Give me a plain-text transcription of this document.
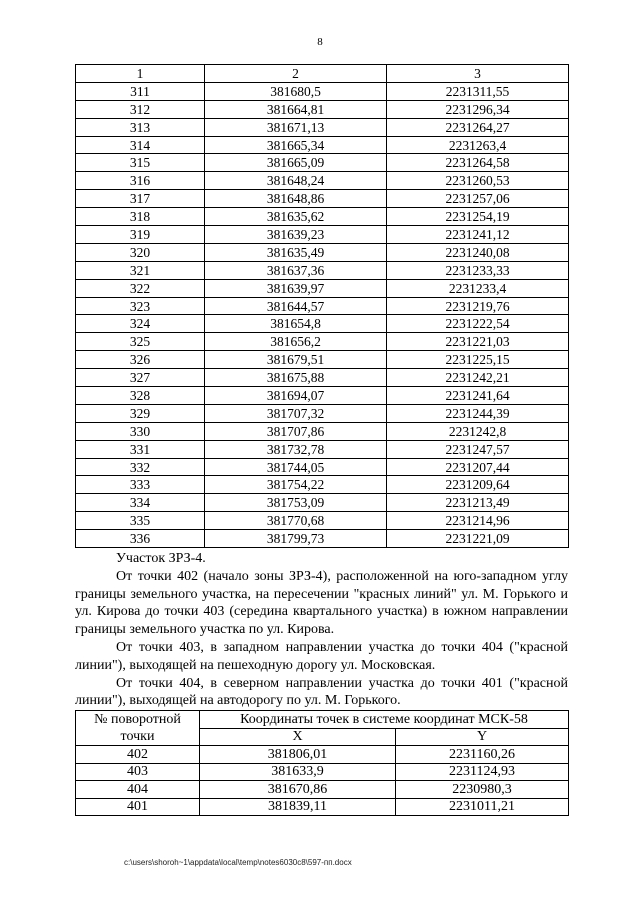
8
1	2	3
311	381680,5	2231311,55
312	381664,81	2231296,34
313	381671,13	2231264,27
314	381665,34	2231263,4
315	381665,09	2231264,58
316	381648,24	2231260,53
317	381648,86	2231257,06
318	381635,62	2231254,19
319	381639,23	2231241,12
320	381635,49	2231240,08
321	381637,36	2231233,33
322	381639,97	2231233,4
323	381644,57	2231219,76
324	381654,8	2231222,54
325	381656,2	2231221,03
326	381679,51	2231225,15
327	381675,88	2231242,21
328	381694,07	2231241,64
329	381707,32	2231244,39
330	381707,86	2231242,8
331	381732,78	2231247,57
332	381744,05	2231207,44
333	381754,22	2231209,64
334	381753,09	2231213,49
335	381770,68	2231214,96
336	381799,73	2231221,09

Участок ЗРЗ-4.

От точки 402 (начало зоны ЗРЗ-4), расположенной на юго-западном углу границы земельного участка, на пересечении "красных линий" ул. М. Горького и ул. Кирова до точки 403 (середина квартального участка) в южном направлении границы земельного участка по ул. Кирова.

От точки 403, в западном направлении участка до точки 404 ("красной линии"), выходящей на пешеходную дорогу ул. Московская.

От точки 404, в северном направлении участка до точки 401 ("красной линии"), выходящей на автодорогу по ул. М. Горького.

№ поворотной точки	Координаты точек в системе координат МСК-58	
	X	Y
402	381806,01	2231160,26
403	381633,9	2231124,93
404	381670,86	2230980,3
401	381839,11	2231011,21
c:\users\shoroh~1\appdata\local\temp\notes6030c8\597-пп.docx
